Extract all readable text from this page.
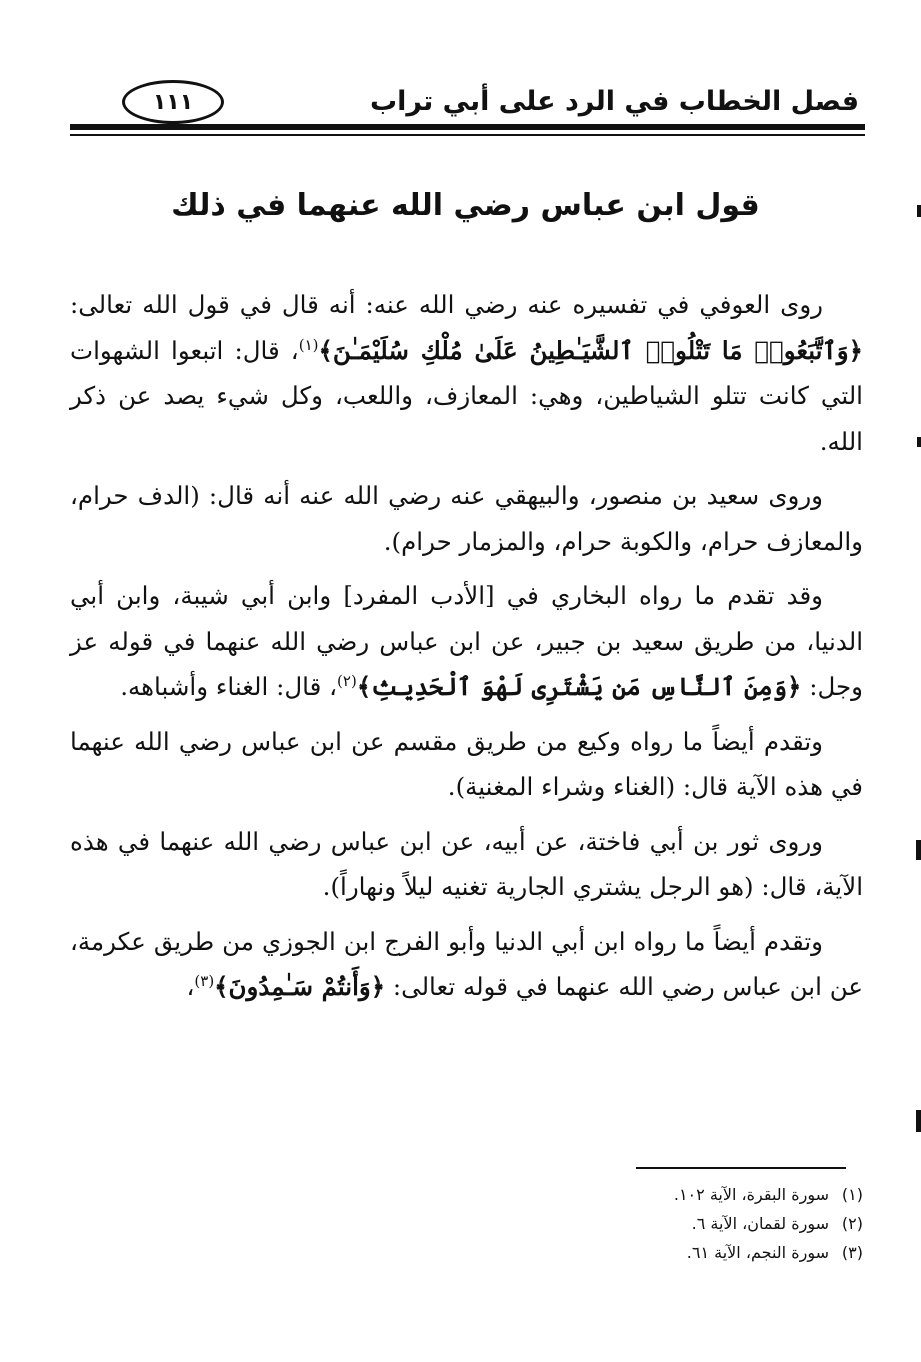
فصل الخطاب في الرد على أبي تراب
١١١
قول ابن عباس رضي الله عنهما في ذلك

روى العوفي في تفسيره عنه رضي الله عنه: أنه قال في قول الله تعالى: ﴿وَٱتَّبَعُوا۟ مَا تَتْلُوا۟ ٱلشَّيَـٰطِينُ عَلَىٰ مُلْكِ سُلَيْمَـٰنَ﴾$^{(١)}$، قال: اتبعوا الشهوات التي كانت تتلو الشياطين، وهي: المعازف، واللعب، وكل شيء يصد عن ذكر الله.

وروى سعيد بن منصور، والبيهقي عنه رضي الله عنه أنه قال: (الدف حرام، والمعازف حرام، والكوبة حرام، والمزمار حرام).

وقد تقدم ما رواه البخاري في [الأدب المفرد] وابن أبي شيبة، وابن أبي الدنيا، من طريق سعيد بن جبير، عن ابن عباس رضي الله عنهما في قوله عز وجل: ﴿وَمِنَ ٱلنَّاسِ مَن يَشْتَرِى لَهْوَ ٱلْحَدِيثِ﴾$^{(٢)}$، قال: الغناء وأشباهه.

وتقدم أيضاً ما رواه وكيع من طريق مقسم عن ابن عباس رضي الله عنهما في هذه الآية قال: (الغناء وشراء المغنية).

وروى ثور بن أبي فاختة، عن أبيه، عن ابن عباس رضي الله عنهما في هذه الآية، قال: (هو الرجل يشتري الجارية تغنيه ليلاً ونهاراً).

وتقدم أيضاً ما رواه ابن أبي الدنيا وأبو الفرج ابن الجوزي من طريق عكرمة، عن ابن عباس رضي الله عنهما في قوله تعالى: ﴿وَأَنتُمْ سَـٰمِدُونَ﴾$^{(٣)}$،

(١)سورة البقرة، الآية ١٠٢.
(٢)سورة لقمان، الآية ٦.
(٣)سورة النجم، الآية ٦١.
